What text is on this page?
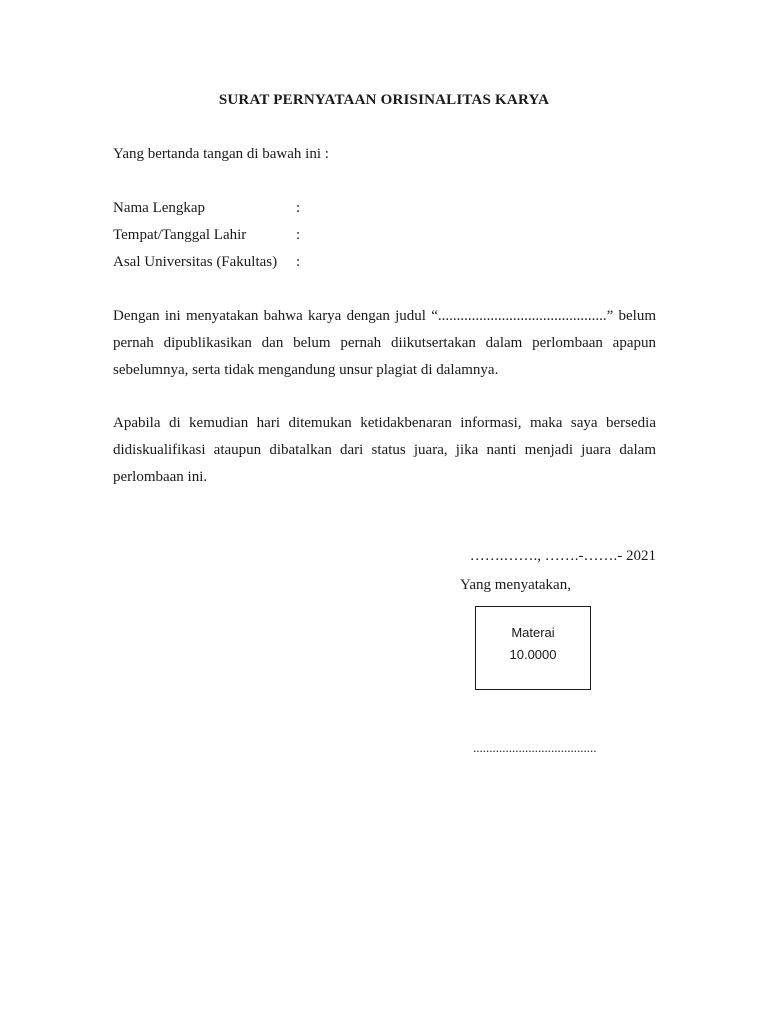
SURAT PERNYATAAN ORISINALITAS KARYA
Yang bertanda tangan di bawah ini :
Nama Lengkap	:
Tempat/Tanggal Lahir	:
Asal Universitas (Fakultas) :
Dengan ini menyatakan bahwa karya dengan judul “.............................................” belum
pernah dipublikasikan dan belum pernah diikutsertakan dalam perlombaan apapun
sebelumnya, serta tidak mengandung unsur plagiat di dalamnya.
Apabila di kemudian hari ditemukan ketidakbenaran informasi, maka saya bersedia
didiskualifikasi ataupun dibatalkan dari status juara, jika nanti menjadi juara dalam
perlombaan ini.
…….……., …….-…….- 2021
Yang menyatakan,
Materai
10.0000
......................................
